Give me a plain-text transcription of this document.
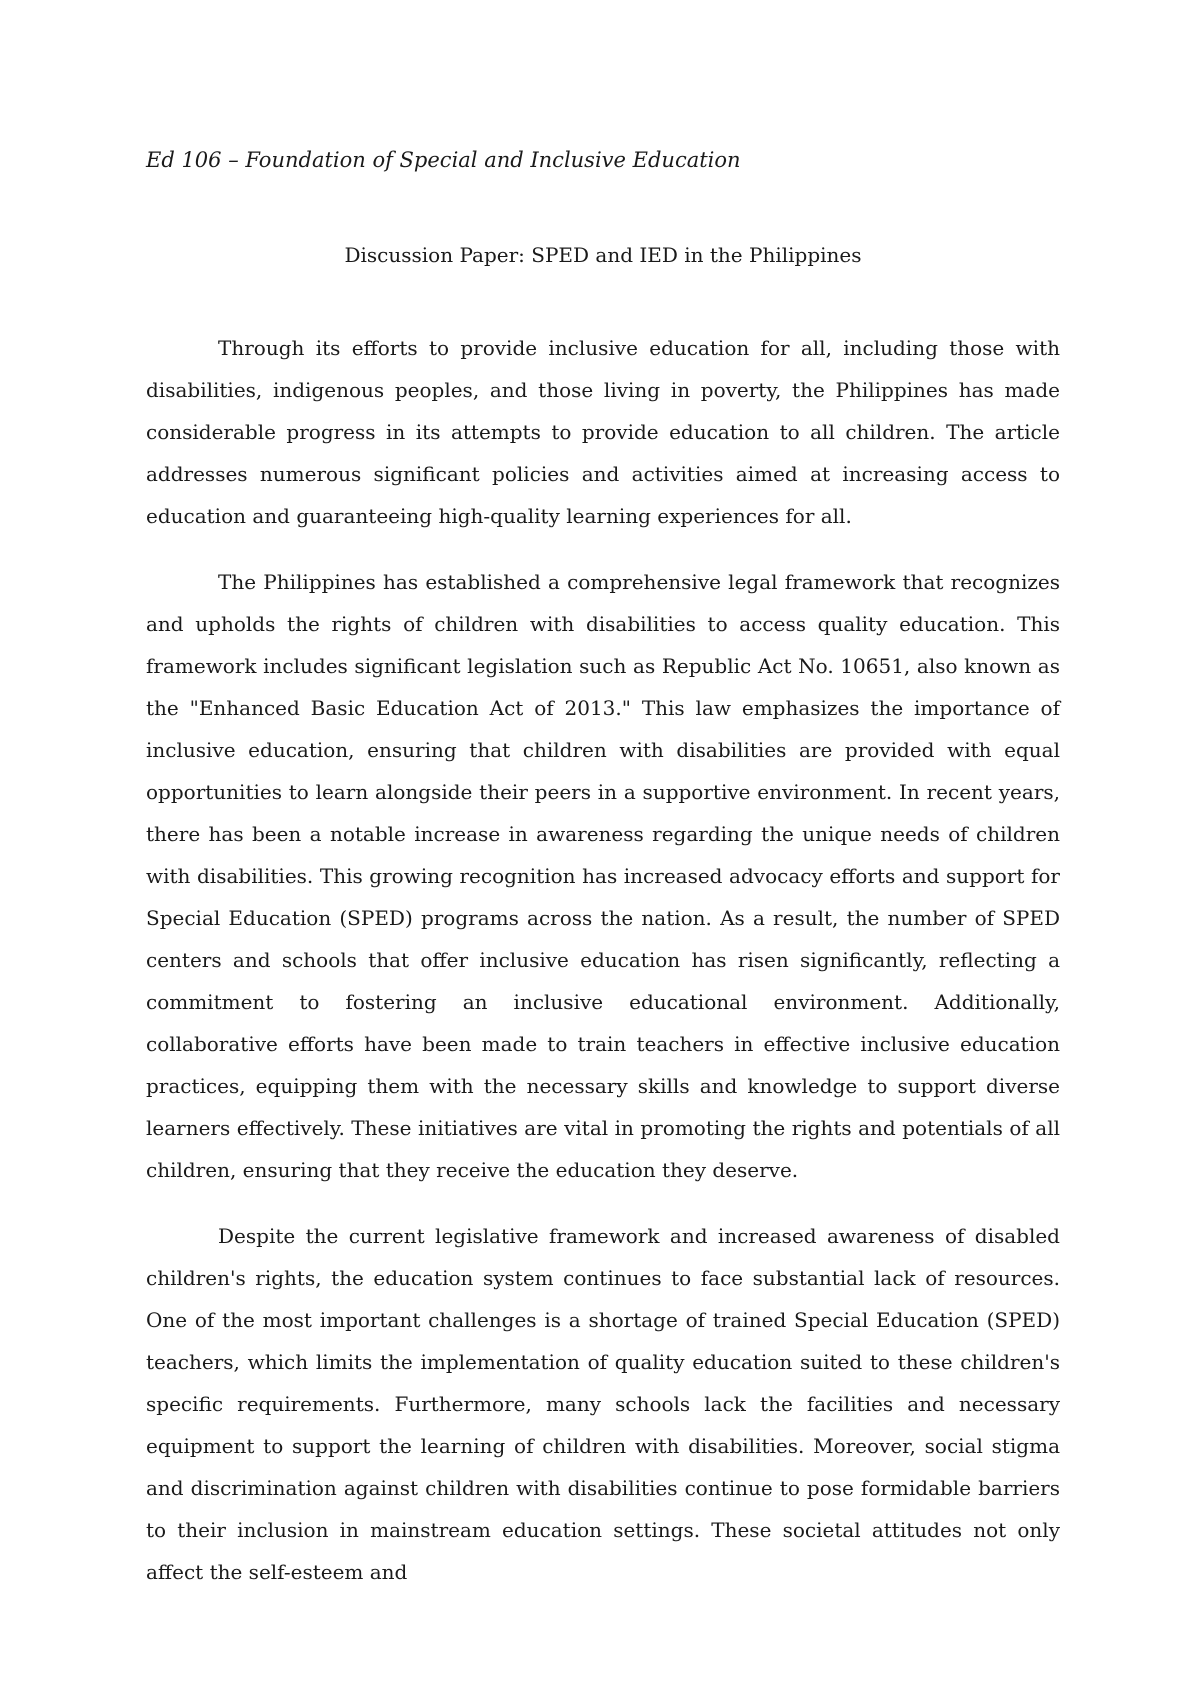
Ed 106 – Foundation of Special and Inclusive Education

Discussion Paper: SPED and IED in the Philippines

Through its efforts to provide inclusive education for all, including those with disabilities, indigenous peoples, and those living in poverty, the Philippines has made considerable progress in its attempts to provide education to all children. The article addresses numerous significant policies and activities aimed at increasing access to education and guaranteeing high-quality learning experiences for all.

The Philippines has established a comprehensive legal framework that recognizes and upholds the rights of children with disabilities to access quality education. This framework includes significant legislation such as Republic Act No. 10651, also known as the "Enhanced Basic Education Act of 2013." This law emphasizes the importance of inclusive education, ensuring that children with disabilities are provided with equal opportunities to learn alongside their peers in a supportive environment. In recent years, there has been a notable increase in awareness regarding the unique needs of children with disabilities. This growing recognition has increased advocacy efforts and support for Special Education (SPED) programs across the nation. As a result, the number of SPED centers and schools that offer inclusive education has risen significantly, reflecting a commitment to fostering an inclusive educational environment. Additionally, collaborative efforts have been made to train teachers in effective inclusive education practices, equipping them with the necessary skills and knowledge to support diverse learners effectively. These initiatives are vital in promoting the rights and potentials of all children, ensuring that they receive the education they deserve.

Despite the current legislative framework and increased awareness of disabled children's rights, the education system continues to face substantial lack of resources. One of the most important challenges is a shortage of trained Special Education (SPED) teachers, which limits the implementation of quality education suited to these children's specific requirements. Furthermore, many schools lack the facilities and necessary equipment to support the learning of children with disabilities. Moreover, social stigma and discrimination against children with disabilities continue to pose formidable barriers to their inclusion in mainstream education settings. These societal attitudes not only affect the self-esteem and
